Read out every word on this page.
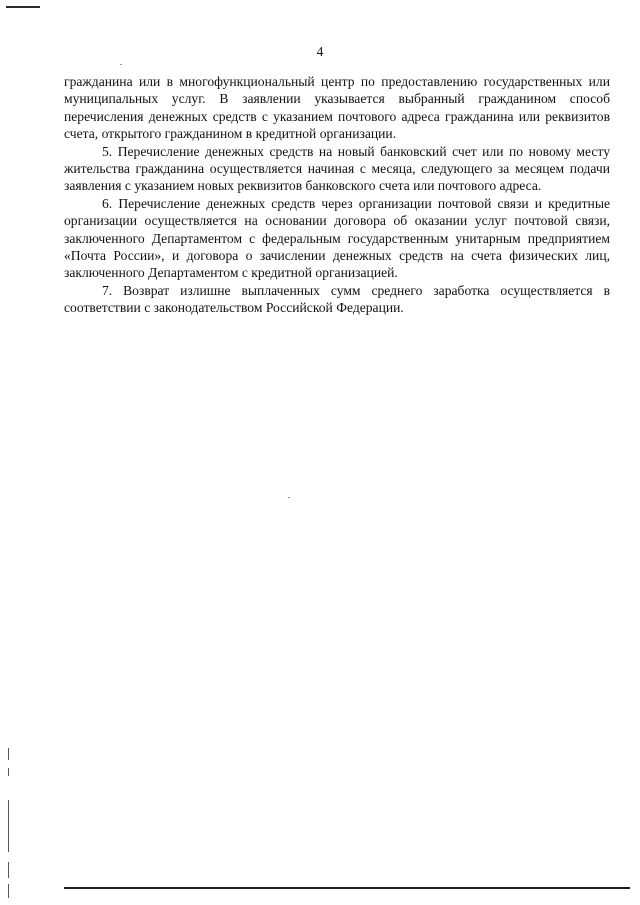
4

гражданина или в многофункциональный центр по предоставлению государственных или муниципальных услуг. В заявлении указывается выбранный гражданином способ перечисления денежных средств с указанием почтового адреса гражданина или реквизитов счета, открытого гражданином в кредитной организации.

5. Перечисление денежных средств на новый банковский счет или по новому месту жительства гражданина осуществляется начиная с месяца, следующего за месяцем подачи заявления с указанием новых реквизитов банковского счета или почтового адреса.

6. Перечисление денежных средств через организации почтовой связи и кредитные организации осуществляется на основании договора об оказании услуг почтовой связи, заключенного Департаментом с федеральным государственным унитарным предприятием «Почта России», и договора о зачислении денежных средств на счета физических лиц, заключенного Департаментом с кредитной организацией.

7. Возврат излишне выплаченных сумм среднего заработка осуществляется в соответствии с законодательством Российской Федерации.
